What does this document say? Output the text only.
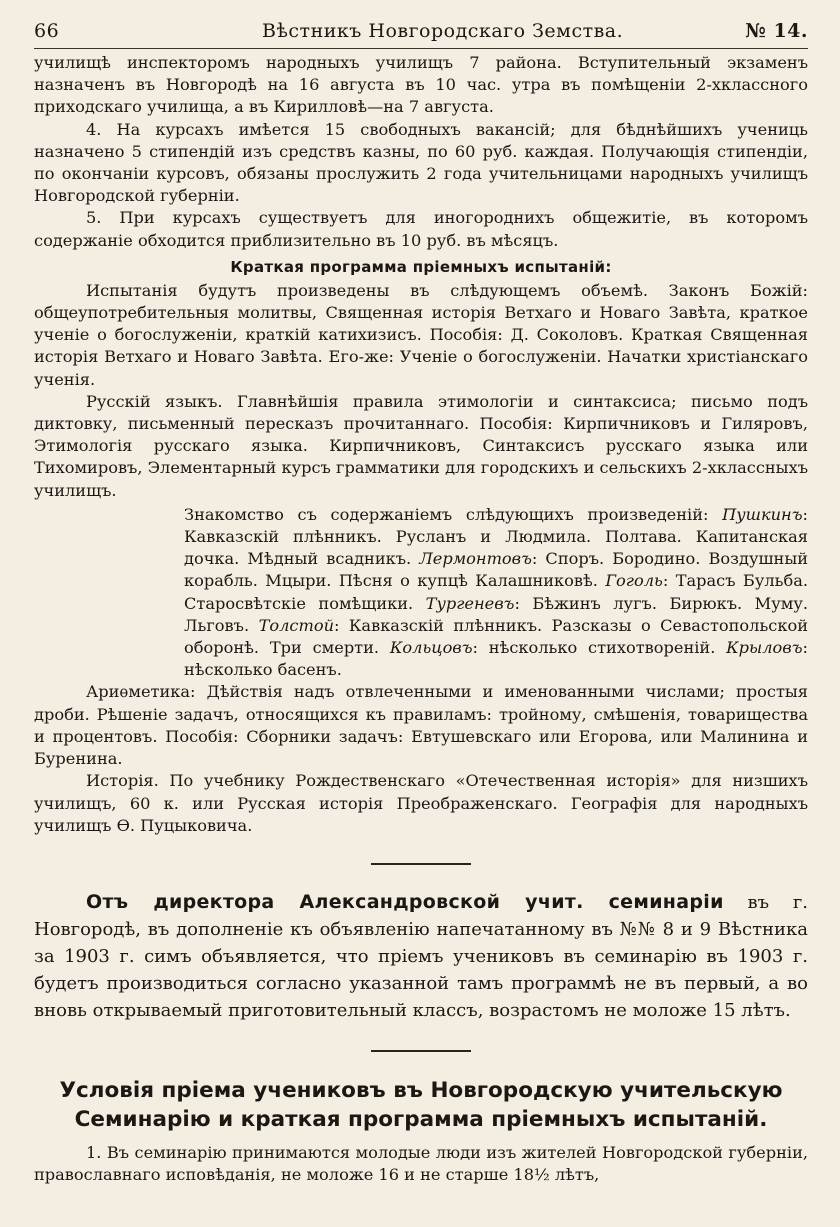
66	Вѣстникъ Новгородскаго Земства.	№ 14.

училищѣ инспекторомъ народныхъ училищъ 7 района. Вступительный экзаменъ назначенъ въ Новгородѣ на 16 августа въ 10 час. утра въ помѣщеніи 2-хклассного приходскаго училища, а въ Кирилловѣ—на 7 августа.

4. На курсахъ имѣется 15 свободныхъ вакансій; для бѣднѣйшихъ учениць назначено 5 стипендій изъ средствъ казны, по 60 руб. каждая. Получающія стипендіи, по окончаніи курсовъ, обязаны прослужить 2 года учительницами народныхъ училищъ Новгородской губерніи.

5. При курсахъ существуетъ для иногороднихъ общежитіе, въ которомъ содержаніе обходится приблизительно въ 10 руб. въ мѣсяцъ.

Краткая программа пріемныхъ испытаній:

Испытанія будутъ произведены въ слѣдующемъ объемѣ. Законъ Божій: общеупотребительныя молитвы, Священная исторія Ветхаго и Новаго Завѣта, краткое ученіе о богослуженіи, краткій катихизисъ. Пособія: Д. Соколовъ. Краткая Священная исторія Ветхаго и Новаго Завѣта. Его-же: Ученіе о богослуженіи. Начатки христіанскаго ученія.

Русскій языкъ. Главнѣйшія правила этимологіи и синтаксиса; письмо подъ диктовку, письменный пересказъ прочитаннаго. Пособія: Кирпичниковъ и Гиляровъ, Этимологія русскаго языка. Кирпичниковъ, Синтаксисъ русскаго языка или Тихомировъ, Элементарный курсъ грамматики для городскихъ и сельскихъ 2-хклассныхъ училищъ.

Знакомство съ содержаніемъ слѣдующихъ произведеній: Пушкинъ: Кавказскій плѣнникъ. Русланъ и Людмила. Полтава. Капитанская дочка. Мѣдный всадникъ. Лермонтовъ: Споръ. Бородино. Воздушный корабль. Мцыри. Пѣсня о купцѣ Калашниковѣ. Гоголь: Тарасъ Бульба. Старосвѣтскіе помѣщики. Тургеневъ: Бѣжинъ лугъ. Бирюкъ. Муму. Льговъ. Толстой: Кавказскій плѣнникъ. Разсказы о Севастопольской оборонѣ. Три смерти. Кольцовъ: нѣсколько стихотвореній. Крыловъ: нѣсколько басенъ.

Ариѳметика: Дѣйствія надъ отвлеченными и именованными числами; простыя дроби. Рѣшеніе задачъ, относящихся къ правиламъ: тройному, смѣшенія, товарищества и процентовъ. Пособія: Сборники задачъ: Евтушевскаго или Егорова, или Малинина и Буренина.

Исторія. По учебнику Рождественскаго «Отечественная исторія» для низшихъ училищъ, 60 к. или Русская исторія Преображенскаго. Географія для народныхъ училищъ Ѳ. Пуцыковича.

Отъ директора Александровской учит. семинаріи въ г. Новгородѣ, въ дополненіе къ объявленію напечатанному въ №№ 8 и 9 Вѣстника за 1903 г. симъ объявляется, что пріемъ учениковъ въ семинарію въ 1903 г. будетъ производиться согласно указанной тамъ программѣ не въ первый, а во вновь открываемый приготовительный классъ, возрастомъ не моложе 15 лѣтъ.

Условія пріема учениковъ въ Новгородскую учительскую Семинарію и краткая программа пріемныхъ испытаній.

1. Въ семинарію принимаются молодые люди изъ жителей Новгородской губерніи, православнаго исповѣданія, не моложе 16 и не старше 18½ лѣтъ,
